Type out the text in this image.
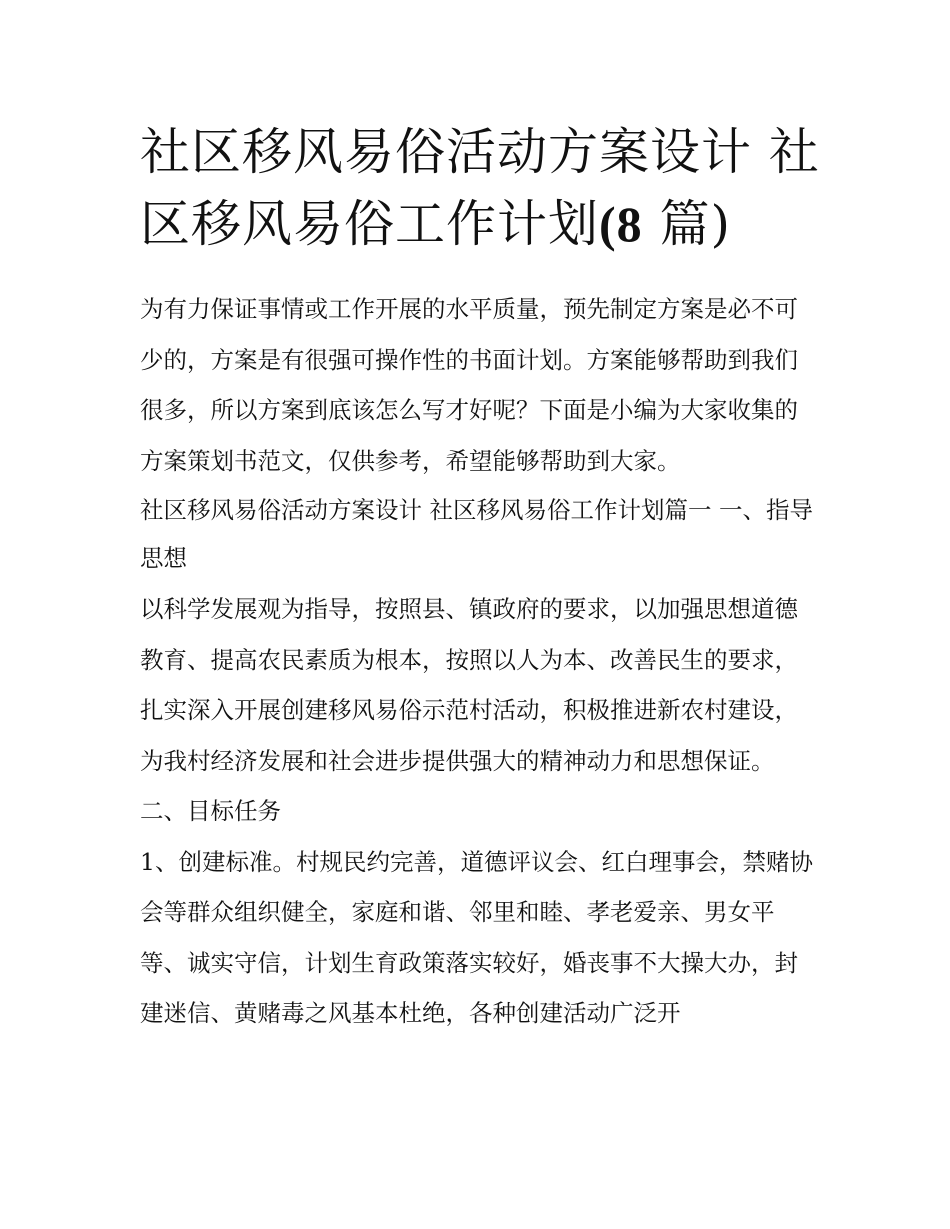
社区移风易俗活动方案设计 社区移风易俗工作计划(8 篇)

为有力保证事情或工作开展的水平质量，预先制定方案是必不可少的，方案是有很强可操作性的书面计划。方案能够帮助到我们很多，所以方案到底该怎么写才好呢？下面是小编为大家收集的方案策划书范文，仅供参考，希望能够帮助到大家。

社区移风易俗活动方案设计 社区移风易俗工作计划篇一 一、指导思想

以科学发展观为指导，按照县、镇政府的要求，以加强思想道德教育、提高农民素质为根本，按照以人为本、改善民生的要求，扎实深入开展创建移风易俗示范村活动，积极推进新农村建设，为我村经济发展和社会进步提供强大的精神动力和思想保证。

二、目标任务

1、创建标准。村规民约完善，道德评议会、红白理事会，禁赌协会等群众组织健全，家庭和谐、邻里和睦、孝老爱亲、男女平等、诚实守信，计划生育政策落实较好，婚丧事不大操大办，封建迷信、黄赌毒之风基本杜绝，各种创建活动广泛开
